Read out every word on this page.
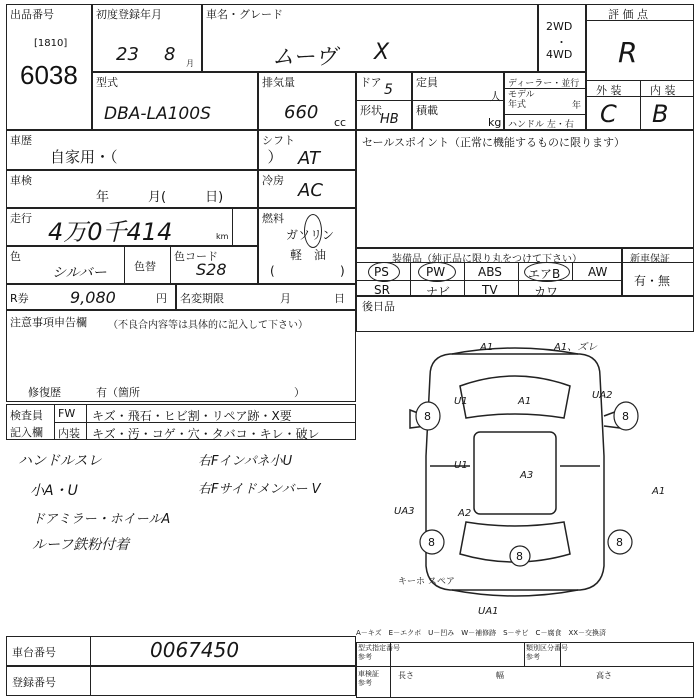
出品番号
[1810]
6038
初度登録年月
23 8 月
車名・グレード
ムーヴ X
2WD
・
4WD
評 価 点
R
型式
DBA-LA100S
排気量
660 cc
ドア 5
形状
HB
定員
人
積載
kg
ディーラー・並行
モデル
年式	年
ハンドル 左・右
外 装	内 装
C B
車歴
自家用・（　　　　　　　　　　）
車検
年　　　月(　　　日)
走行 4万0千414	km
色
シルバー 色替
色コード
S28
シフト
AT
冷房 AC
燃料
ガソリン
軽　油
(	)
R券	9,080	円 名変期限	月	日
注意事項申告欄 （不良合内容等は具体的に記入して下さい）
修復歴	有（箇所　　　　　　　　　　　　　　）
検査員
記入欄
FW キズ・飛石・ヒビ割・リペア跡・X要
内装 キズ・汚・コゲ・穴・タバコ・キレ・破レ
ハンドルスレ
小A・U
ドアミラー・ホイールA
ルーフ鉄粉付着
右Fインパネ小U
右Fサイドメンバー V
セールスポイント（正常に機能するものに限ります）
装備品（純正品に限り丸をつけて下さい）
PS	PW	ABS エアB AW
SR	ナビ	TV	カワ
新車保証
有・無
後日品
キーホ スペア
A1	A1、ズレ
U1	A1
UA2
U1
A3
A1
UA3	A2
UA1
8	8
8	8
8
A－キズ　E－エクボ　U－凹み　W－補修跡　S－サビ　C－腐食　XX－交換済
車台番号	0067450
登録番号
型式指定番号
参考
類別区分番号
参考
車検証
参考
長さ	幅	高さ
